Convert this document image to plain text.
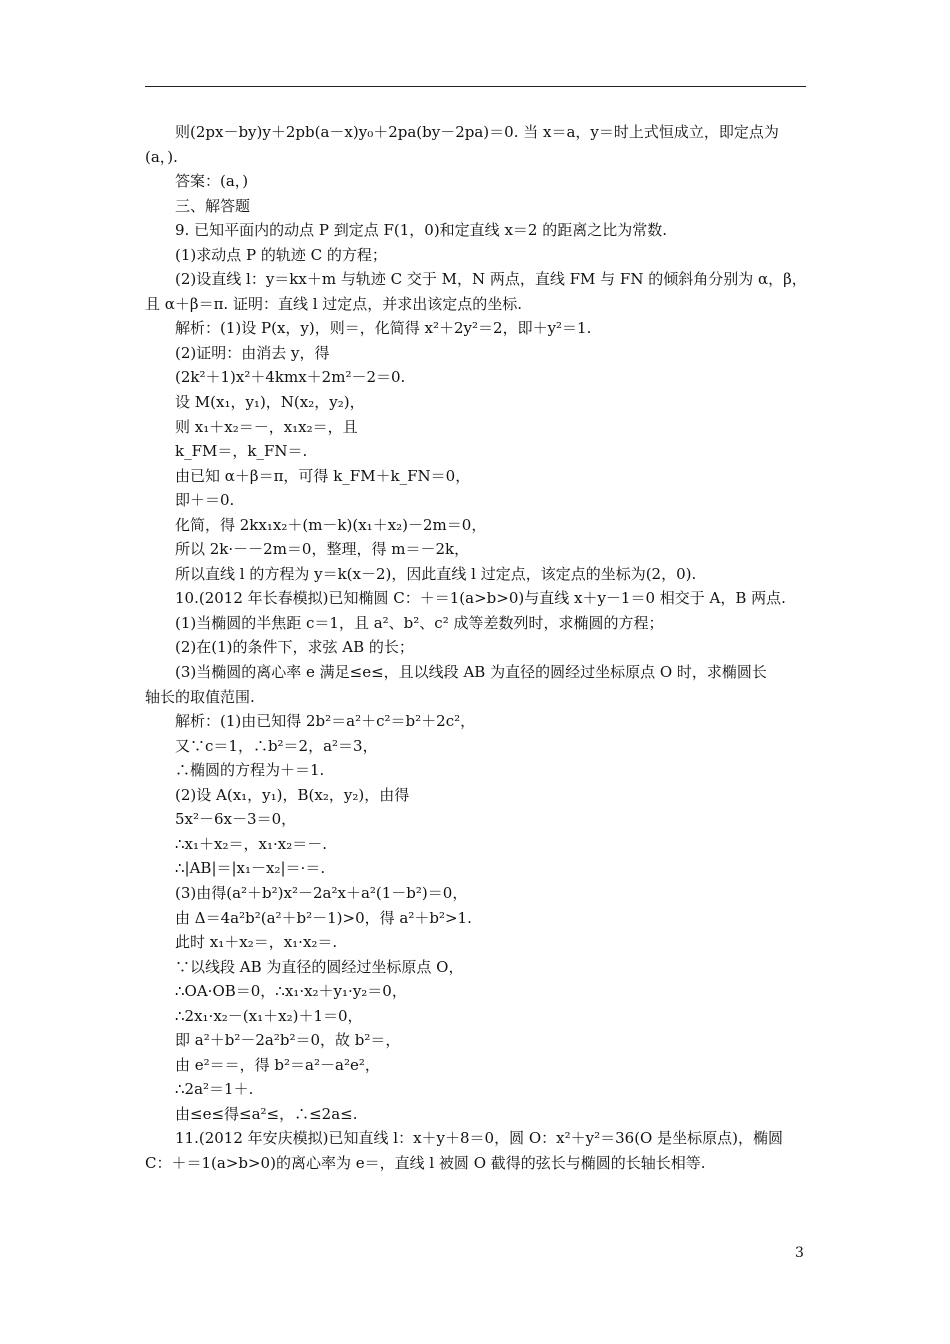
则(2px－by)y＋2pb(a－x)y₀＋2pa(by－2pa)＝0. 当 x＝a，y＝时上式恒成立，即定点为
(a，).
答案：(a，)
三、解答题
9. 已知平面内的动点 P 到定点 F(1，0)和定直线 x＝2 的距离之比为常数.
(1)求动点 P 的轨迹 C 的方程；
(2)设直线 l：y＝kx＋m 与轨迹 C 交于 M，N 两点，直线 FM 与 FN 的倾斜角分别为 α，β，
且 α＋β＝π. 证明：直线 l 过定点，并求出该定点的坐标.
解析：(1)设 P(x，y)，则＝，化简得 x²＋2y²＝2，即＋y²＝1.
(2)证明：由消去 y，得
(2k²＋1)x²＋4kmx＋2m²－2＝0.
设 M(x₁，y₁)，N(x₂，y₂)，
则 x₁＋x₂＝－，x₁x₂＝，且
k_FM＝，k_FN＝.
由已知 α＋β＝π，可得 k_FM＋k_FN＝0，
即＋＝0.
化简，得 2kx₁x₂＋(m－k)(x₁＋x₂)－2m＝0，
所以 2k·－－2m＝0，整理，得 m＝－2k，
所以直线 l 的方程为 y＝k(x－2)，因此直线 l 过定点，该定点的坐标为(2，0).
10.(2012 年长春模拟)已知椭圆 C：＋＝1(a>b>0)与直线 x＋y－1＝0 相交于 A，B 两点.
(1)当椭圆的半焦距 c＝1，且 a²、b²、c² 成等差数列时，求椭圆的方程；
(2)在(1)的条件下，求弦 AB 的长；
(3)当椭圆的离心率 e 满足≤e≤，且以线段 AB 为直径的圆经过坐标原点 O 时，求椭圆长
轴长的取值范围.
解析：(1)由已知得 2b²＝a²＋c²＝b²＋2c²，
又∵c＝1，∴b²＝2，a²＝3，
∴椭圆的方程为＋＝1.
(2)设 A(x₁，y₁)，B(x₂，y₂)，由得
5x²－6x－3＝0，
∴x₁＋x₂＝，x₁·x₂＝－.
∴|AB|＝|x₁－x₂|＝·＝.
(3)由得(a²＋b²)x²－2a²x＋a²(1－b²)＝0，
由 Δ＝4a²b²(a²＋b²－1)>0，得 a²＋b²>1.
此时 x₁＋x₂＝，x₁·x₂＝.
∵以线段 AB 为直径的圆经过坐标原点 O，
∴OA·OB＝0，∴x₁·x₂＋y₁·y₂＝0，
∴2x₁·x₂－(x₁＋x₂)＋1＝0，
即 a²＋b²－2a²b²＝0，故 b²＝，
由 e²＝＝，得 b²＝a²－a²e²，
∴2a²＝1＋.
由≤e≤得≤a²≤，∴≤2a≤.
11.(2012 年安庆模拟)已知直线 l：x＋y＋8＝0，圆 O：x²＋y²＝36(O 是坐标原点)，椭圆
C：＋＝1(a>b>0)的离心率为 e＝，直线 l 被圆 O 截得的弦长与椭圆的长轴长相等.
3
